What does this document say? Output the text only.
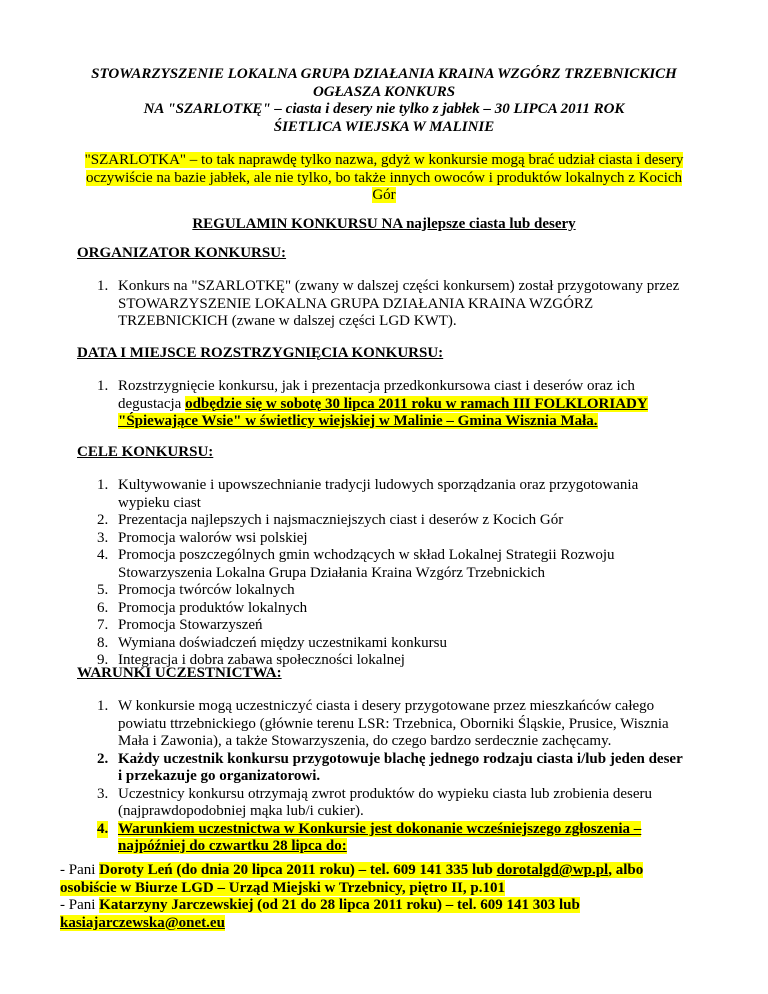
STOWARZYSZENIE LOKALNA GRUPA DZIAŁANIA KRAINA WZGÓRZ TRZEBNICKICH
OGŁASZA KONKURS
NA "SZARLOTKĘ" – ciasta i desery nie tylko z jabłek – 30 LIPCA 2011 ROK
ŚIETLICA WIEJSKA W MALINIE
"SZARLOTKA" – to tak naprawdę tylko nazwa, gdyż w konkursie mogą brać udział ciasta i desery
oczywiście na bazie jabłek, ale nie tylko, bo także innych owoców i produktów lokalnych z Kocich
Gór
REGULAMIN KONKURSU NA najlepsze ciasta lub desery
ORGANIZATOR KONKURSU:
1. Konkurs na "SZARLOTKĘ" (zwany w dalszej części konkursem) został przygotowany przez STOWARZYSZENIE LOKALNA GRUPA DZIAŁANIA KRAINA WZGÓRZ TRZEBNICKICH (zwane w dalszej części LGD KWT).
DATA I MIEJSCE ROZSTRZYGNIĘCIA KONKURSU:
1. Rozstrzygnięcie konkursu, jak i prezentacja przedkonkursowa ciast i deserów oraz ich degustacja odbędzie się w sobotę 30 lipca 2011 roku w ramach III FOLKLORIADY "Śpiewające Wsie" w świetlicy wiejskiej w Malinie – Gmina Wisznia Mała.
CELE KONKURSU:
1. Kultywowanie i upowszechnianie tradycji ludowych sporządzania oraz przygotowania wypieku ciast
2. Prezentacja najlepszych i najsmaczniejszych ciast i deserów z Kocich Gór
3. Promocja walorów wsi polskiej
4. Promocja poszczególnych gmin wchodzących w skład Lokalnej Strategii Rozwoju Stowarzyszenia Lokalna Grupa Działania Kraina Wzgórz Trzebnickich
5. Promocja twórców lokalnych
6. Promocja produktów lokalnych
7. Promocja Stowarzyszeń
8. Wymiana doświadczeń między uczestnikami konkursu
9. Integracja i dobra zabawa społeczności lokalnej
WARUNKI UCZESTNICTWA:
1. W konkursie mogą uczestniczyć ciasta i desery przygotowane przez mieszkańców całego powiatu ttrzebnickiego (głównie terenu LSR: Trzebnica, Oborniki Śląskie, Prusice, Wisznia Mała i Zawonia), a także Stowarzyszenia, do czego bardzo serdecznie zachęcamy.
2. Każdy uczestnik konkursu przygotowuje blachę jednego rodzaju ciasta i/lub jeden deser i przekazuje go organizatorowi.
3. Uczestnicy konkursu otrzymają zwrot produktów do wypieku ciasta lub zrobienia deseru (najprawdopodobniej mąka lub/i cukier).
4. Warunkiem uczestnictwa w Konkursie jest dokonanie wcześniejszego zgłoszenia – najpóźniej do czwartku 28 lipca do:
- Pani Doroty Leń (do dnia 20 lipca 2011 roku) – tel. 609 141 335 lub dorotalgd@wp.pl, albo
osobiście w Biurze LGD – Urząd Miejski w Trzebnicy, piętro II, p.101
- Pani Katarzyny Jarczewskiej (od 21 do 28 lipca 2011 roku) – tel. 609 141 303 lub
kasiajarczewska@onet.eu
